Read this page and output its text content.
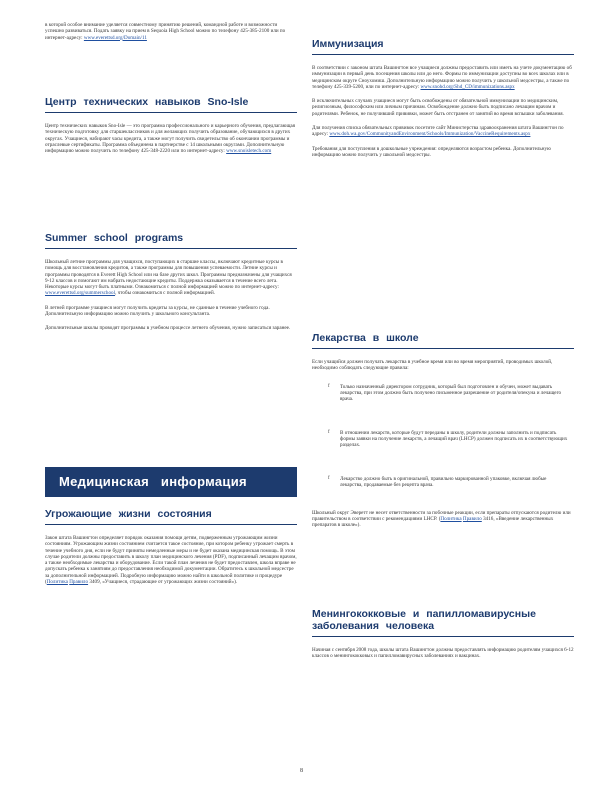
в которой особое внимание уделяется совместному принятию решений, командной работе и возможности успешно развиваться. Подать заявку на прием в Sequoia High School можно по телефону 425-385-2100 или по интернет-адресу: www.everettsd.org/Domain/11

Центр технических навыков Sno-Isle

Центр технических навыков Sno-Isle — это программа профессионального и карьерного обучения, предлагающая техническую подготовку для старшеклассников и для желающих получить образование, обучающихся в других округах. Учащиеся, набирают часы кредита, а также могут получить свидетельство об окончании программы и отраслевые сертификаты. Программа объединена в партнерстве с 14 школьными округами. Дополнительную информацию можно получить по телефону 425-348-2220 или по интернет-адресу: www.snoisletech.com

Summer school programs

Школьный летние программы для учащихся, поступающих в старшие классы, включают кредитные курсы в помощь для восстановления кредитов, а также программы для повышения успеваемости. Летние курсы и программы проводятся в Everett High School или на базе других школ. Программы предназначены для учащихся 9-12 классов и помогают им набрать недостающие кредиты. Поддержка оказывается в течение всего лета. Некоторые курсы могут быть платными. Ознакомиться с полной информацией можно по интернет-адресу: www.everettsd.org/summerschool, чтобы ознакомиться с полной информацией.

В летней программе учащиеся могут получить кредиты за курсы, не сданные в течение учебного года. Дополнительную информацию можно получить у школьного консультанта.

Дополнительные школы проводят программы в учебном процессе летнего обучения, нужно записаться заранее.

Угрожающие жизни состояния

Закон штата Вашингтон определяет порядок оказания помощи детям, подверженным угрожающим жизни состояниям. Угрожающим жизни состоянием считается такое состояние, при котором ребенку угрожает смерть в течение учебного дня, если не будут приняты немедленные меры и не будет оказана медицинская помощь. В этом случае родители должны предоставить в школу план медицинского лечения (PDF), подписанный лечащим врачом, а также необходимые лекарства и оборудование. Если такой план лечения не будет предоставлен, школа вправе не допускать ребенка к занятиям до предоставления необходимой документации. Обратитесь к школьной медсестре за дополнительной информацией. Подробную информацию можно найти в школьной политике и процедуре (Политика Правило 3409, «Учащиеся, страдающие от угрожающих жизни состояний»).

Медицинская информация
Иммунизация

В соответствии с законом штата Вашингтон все учащиеся должны предоставить или иметь на учете документацию об иммунизации в первый день посещения школы или до него. Формы по иммунизации доступны во всех школах или в медицинском округе Сноухомиш. Дополнительную информацию можно получить у школьной медсестры, а также по телефону 425-339-5200, или по интернет-адресу: www.snohd.org/Shd_CD/immunizations.aspx

В исключительных случаях учащиеся могут быть освобождены от обязательной иммунизации по медицинским, религиозным, философским или личным причинам. Освобождение должно быть подписано лечащим врачом и родителями. Ребенок, не получивший прививки, может быть отстранен от занятий во время вспышки заболевания.

Для получения списка обязательных прививок посетите сайт Министерства здравоохранения штата Вашингтон по адресу: www.doh.wa.gov/CommunityandEnvironment/Schools/Immunization/VaccineRequirements.aspx

Требования для поступления в дошкольные учреждения: определяются возрастом ребенка. Дополнительную информацию можно получить у школьной медсестры.

Лекарства в школе

Если учащийся должен получать лекарства в учебное время или во время мероприятий, проводимых школой, необходимо соблюдать следующие правила:

f Только назначенный директором сотрудник, который был подготовлен и обучен, может выдавать лекарства, при этом должно быть получено письменное разрешение от родителя/опекуна и лечащего врача.

f В отношении лекарств, которые будут переданы в школу, родители должны заполнить и подписать формы заявки на получение лекарств, а лечащий врач (LHCP) должен подписать их в соответствующих разделах.

f Лекарство должно быть в оригинальной, правильно маркированной упаковке, включая любые лекарства, продаваемые без рецепта врача.

Школьный округ Эверетт не несет ответственности за побочные реакции, если препараты отпускаются родителю или правительством в соответствии с рекомендациями LHCP. (Политика Правило 3416, «Введение лекарственных препаратов в школе»).

Менингококковые и папилломавирусные заболевания человека

Начиная с сентября 2008 года, школы штата Вашингтон должны предоставлять информацию родителям учащихся 6-12 классов о менингококковых и папилломавирусных заболеваниях и вакцинах.

8
